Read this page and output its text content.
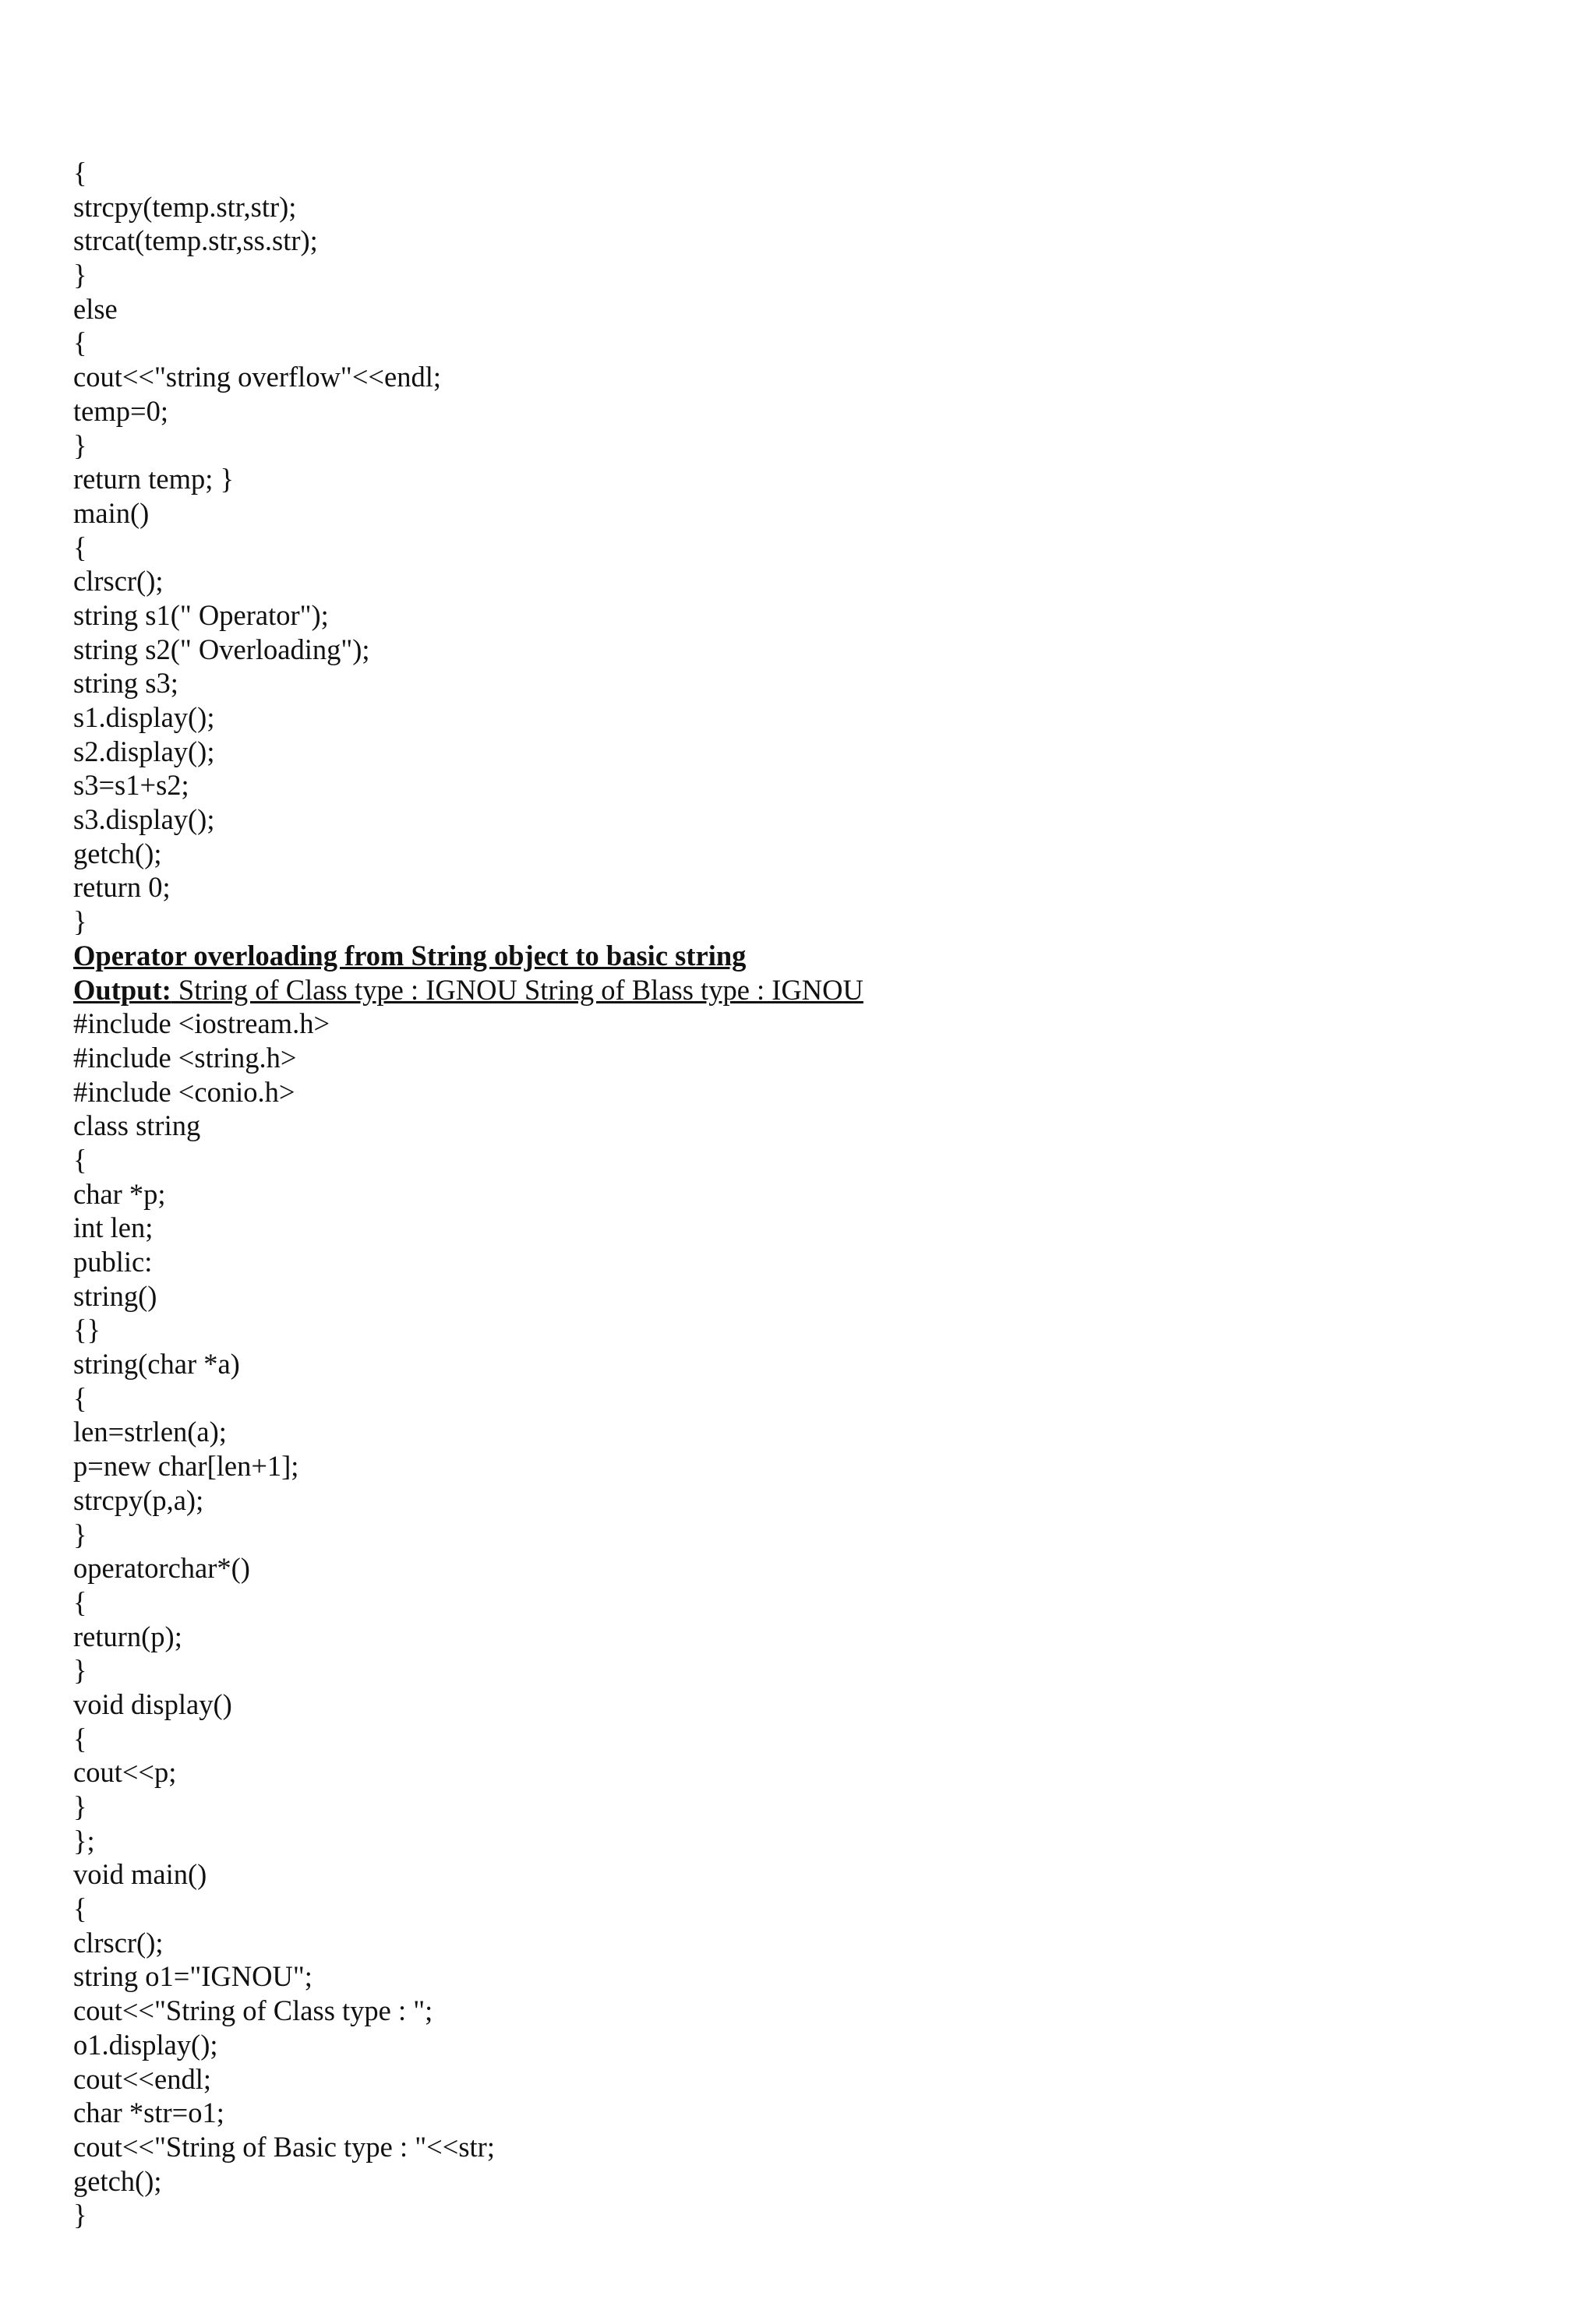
{
strcpy(temp.str,str);
strcat(temp.str,ss.str);
}
else
{
cout<<"string overflow"<<endl;
temp=0;
}
return temp; }
main()
{
clrscr();
string s1(" Operator");
string s2(" Overloading");
string s3;
s1.display();
s2.display();
s3=s1+s2;
s3.display();
getch();
return 0;
}
Operator overloading from String object to basic string
Output: String of Class type : IGNOU String of Blass type : IGNOU
#include <iostream.h>
#include <string.h>
#include <conio.h>
class string
{
char *p;
int len;
public:
string()
{}
string(char *a)
{
len=strlen(a);
p=new char[len+1];
strcpy(p,a);
}
operatorchar*()
{
return(p);
}
void display()
{
cout<<p;
}
};
void main()
{
clrscr();
string o1="IGNOU";
cout<<"String of Class type : ";
o1.display();
cout<<endl;
char *str=o1;
cout<<"String of Basic type : "<<str;
getch();
}
